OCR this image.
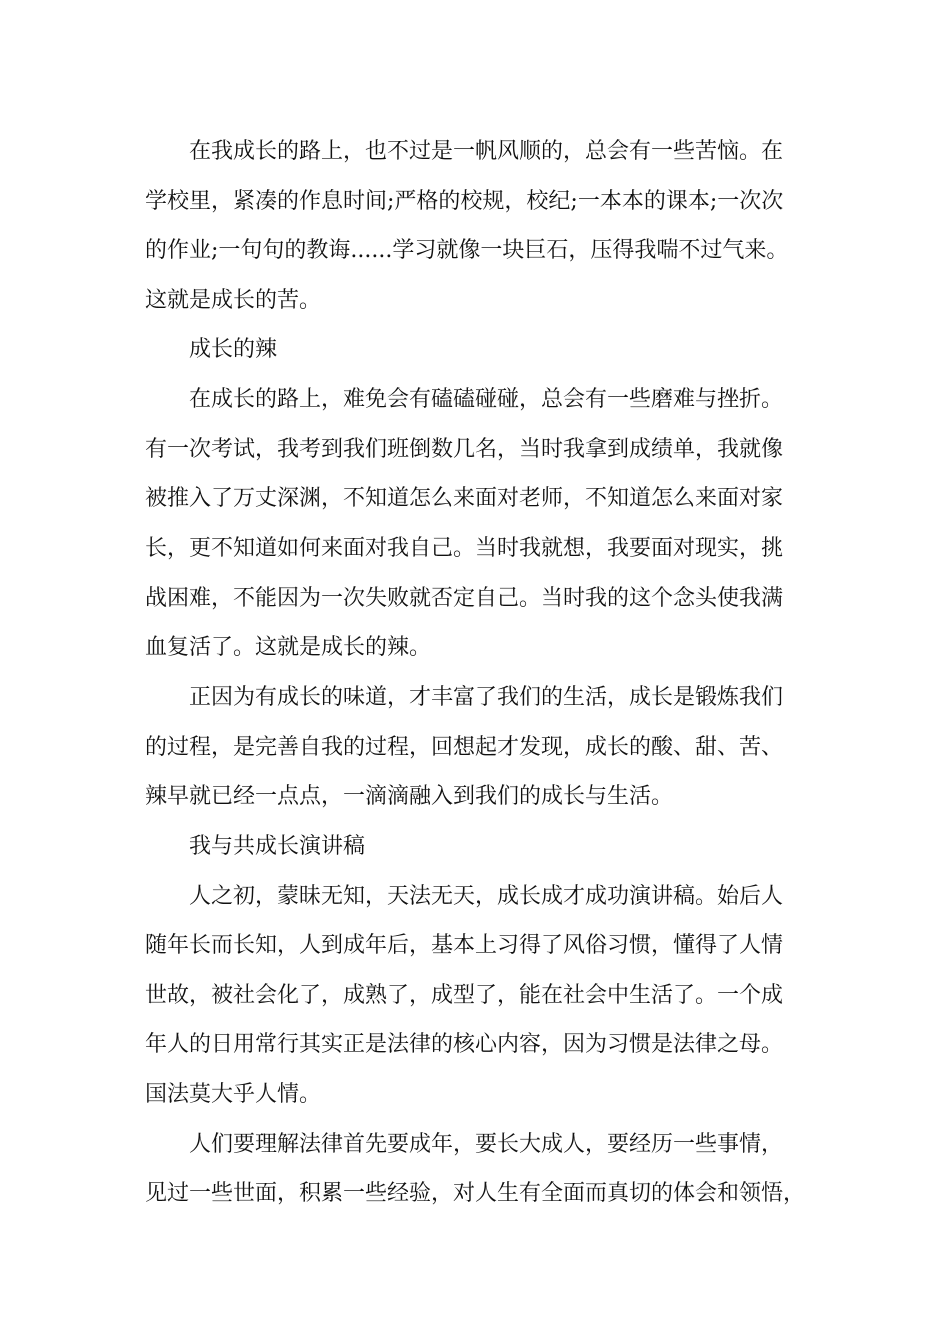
在我成长的路上，也不过是一帆风顺的，总会有一些苦恼。在
学校里，紧凑的作息时间;严格的校规，校纪;一本本的课本;一次次
的作业;一句句的教诲......学习就像一块巨石，压得我喘不过气来。
这就是成长的苦。
成长的辣
在成长的路上，难免会有磕磕碰碰，总会有一些磨难与挫折。
有一次考试，我考到我们班倒数几名，当时我拿到成绩单，我就像
被推入了万丈深渊，不知道怎么来面对老师，不知道怎么来面对家
长，更不知道如何来面对我自己。当时我就想，我要面对现实，挑
战困难，不能因为一次失败就否定自己。当时我的这个念头使我满
血复活了。这就是成长的辣。
正因为有成长的味道，才丰富了我们的生活，成长是锻炼我们
的过程，是完善自我的过程，回想起才发现，成长的酸、甜、苦、
辣早就已经一点点，一滴滴融入到我们的成长与生活。
我与共成长演讲稿
人之初，蒙昧无知，天法无天，成长成才成功演讲稿。始后人
随年长而长知，人到成年后，基本上习得了风俗习惯，懂得了人情
世故，被社会化了，成熟了，成型了，能在社会中生活了。一个成
年人的日用常行其实正是法律的核心内容，因为习惯是法律之母。
国法莫大乎人情。
人们要理解法律首先要成年，要长大成人，要经历一些事情，
见过一些世面，积累一些经验，对人生有全面而真切的体会和领悟，
